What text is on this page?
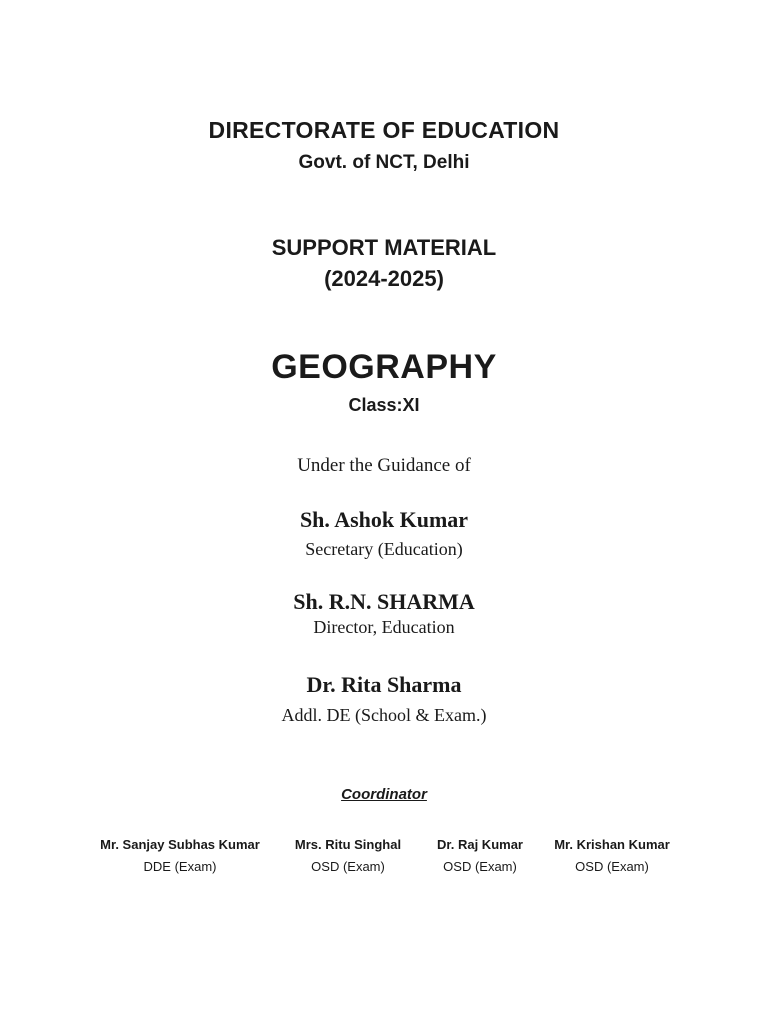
DIRECTORATE OF EDUCATION
Govt. of NCT, Delhi
SUPPORT MATERIAL
(2024-2025)
GEOGRAPHY
Class:XI
Under the Guidance of
Sh. Ashok Kumar
Secretary (Education)
Sh. R.N. SHARMA
Director, Education
Dr. Rita Sharma
Addl. DE (School & Exam.)
Coordinator
Mr. Sanjay Subhas Kumar
DDE (Exam)
Mrs. Ritu Singhal
OSD (Exam)
Dr. Raj Kumar
OSD (Exam)
Mr. Krishan Kumar
OSD (Exam)
